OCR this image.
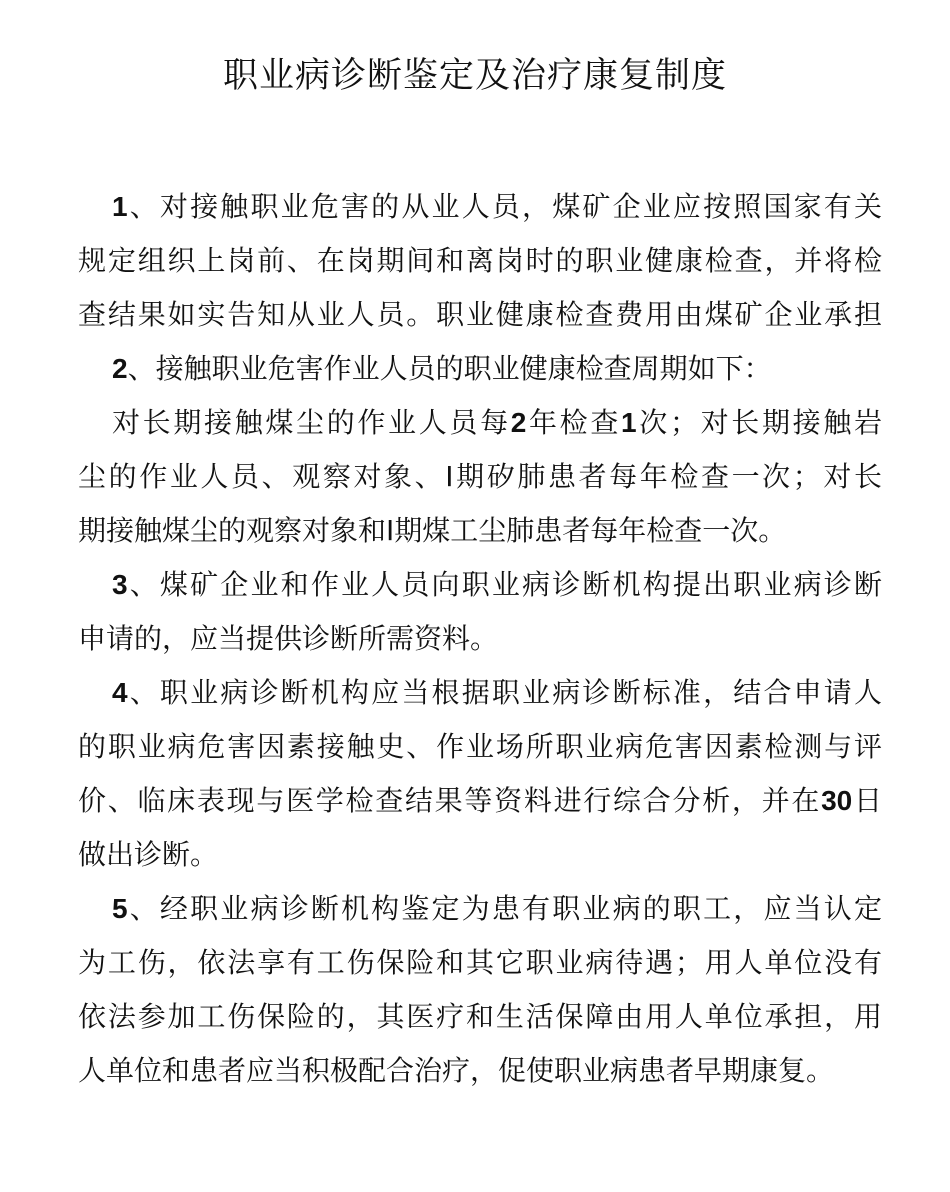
职业病诊断鉴定及治疗康复制度
1、对接触职业危害的从业人员，煤矿企业应按照国家有关
规定组织上岗前、在岗期间和离岗时的职业健康检查，并将检
查结果如实告知从业人员。职业健康检查费用由煤矿企业承担
2、接触职业危害作业人员的职业健康检查周期如下：
对长期接触煤尘的作业人员每2年检查1次；对长期接触岩
尘的作业人员、观察对象、Ⅰ期矽肺患者每年检查一次；对长
期接触煤尘的观察对象和Ⅰ期煤工尘肺患者每年检查一次。
3、煤矿企业和作业人员向职业病诊断机构提出职业病诊断
申请的，应当提供诊断所需资料。
4、职业病诊断机构应当根据职业病诊断标准，结合申请人
的职业病危害因素接触史、作业场所职业病危害因素检测与评
价、临床表现与医学检查结果等资料进行综合分析，并在30日
做出诊断。
5、经职业病诊断机构鉴定为患有职业病的职工，应当认定
为工伤，依法享有工伤保险和其它职业病待遇；用人单位没有
依法参加工伤保险的，其医疗和生活保障由用人单位承担，用
人单位和患者应当积极配合治疗，促使职业病患者早期康复。
